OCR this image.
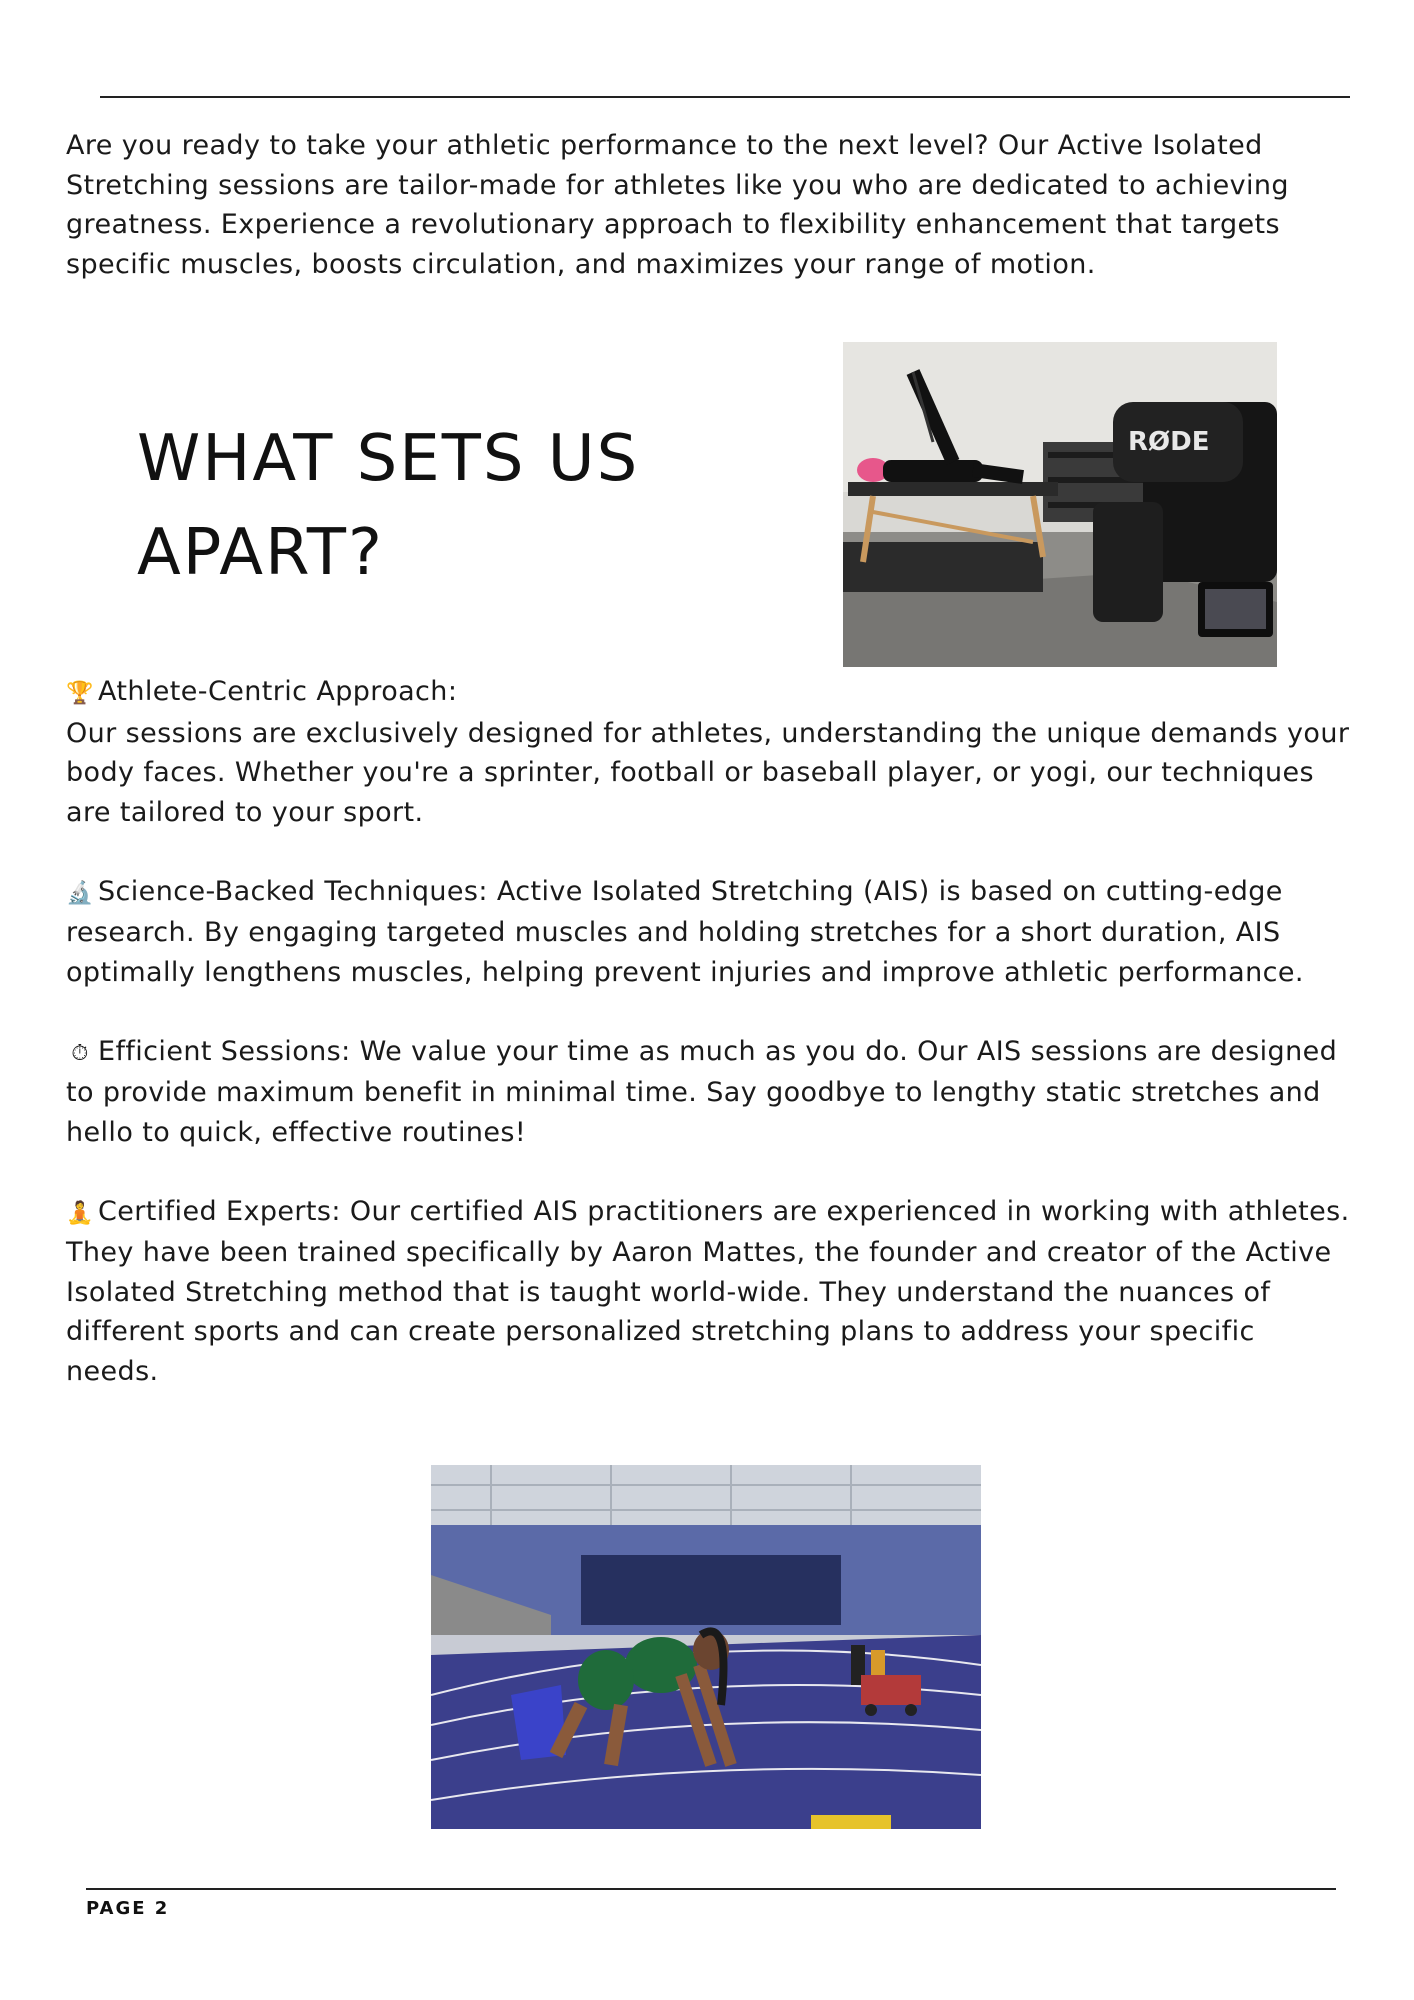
Are you ready to take your athletic performance to the next level? Our Active Isolated Stretching sessions are tailor-made for athletes like you who are dedicated to achieving greatness. Experience a revolutionary approach to flexibility enhancement that targets specific muscles, boosts circulation, and maximizes your range of motion.

WHAT SETS US
APART?
RØDE
🏆 Athlete-Centric Approach:
Our sessions are exclusively designed for athletes, understanding the unique demands your body faces. Whether you're a sprinter, football or baseball player, or yogi, our techniques are tailored to your sport.
🔬 Science-Backed Techniques: Active Isolated Stretching (AIS) is based on cutting-edge research. By engaging targeted muscles and holding stretches for a short duration, AIS optimally lengthens muscles, helping prevent injuries and improve athletic performance.
⏱ Efficient Sessions: We value your time as much as you do. Our AIS sessions are designed to provide maximum benefit in minimal time. Say goodbye to lengthy static stretches and hello to quick, effective routines!
🧘 Certified Experts: Our certified AIS practitioners are experienced in working with athletes. They have been trained specifically by Aaron Mattes, the founder and creator of the Active Isolated Stretching method that is taught world-wide. They understand the nuances of different sports and can create personalized stretching plans to address your specific needs.

PAGE 2
